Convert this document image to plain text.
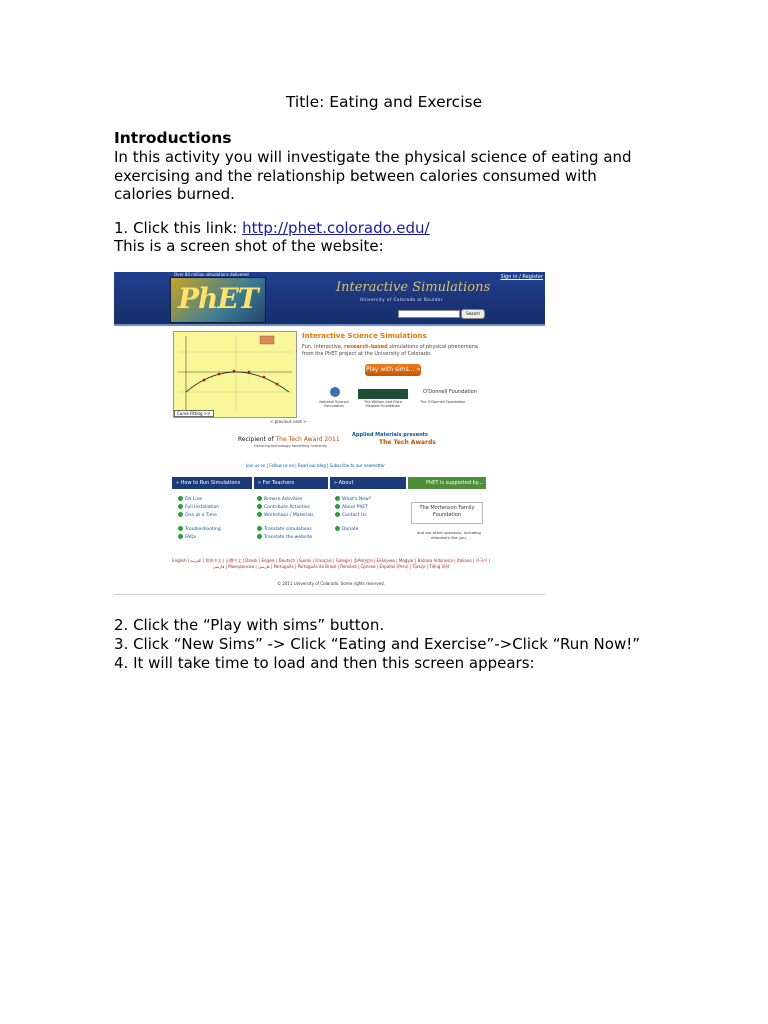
Title: Eating and Exercise
Introductions
In this activity you will investigate the physical science of eating and exercising and the relationship between calories consumed with calories burned.
1. Click this link: http://phet.colorado.edu/
This is a screen shot of the website:
2. Click the “Play with sims” button.
3. Click “New Sims” -> Click “Eating and Exercise”->Click “Run Now!”
4. It will take time to load and then this screen appears:
Over 80 million simulations delivered
PhET
Sign in / Register
Interactive Simulations
University of Colorado at Boulder
Search
Curve Fitting >>
< previous next >
Interactive Science Simulations
Fun, interactive, research-based simulations of physical phenomena from the PhET project at the University of Colorado.
Play with sims... »
National Science Foundation
The William and Flora Hewlett Foundation
O'Donnell Foundation
The O'Donnell Foundation
Recipient of The Tech Award 2011
Honoring technology benefiting humanity
Applied Materials presents
The Tech Awards
Join us on | Follow us on | Read our blog | Subscribe to our newsletter
» How to Run Simulations	» For Teachers	» About	PhET is supported by...
On Line
Full Installation
One at a Time
Troubleshooting
FAQs
Browse Activities
Contribute Activities
Workshops / Materials
Translate simulations
Translate the website
What's New?
About PhET
Contact Us
Donate
The Mortenson Family Foundation
and our other sponsors, including educators like you.
English | العربية | 简体中文 | 正體中文 | Dansk | Engels | Deutsch | Suomi | Français | Galego | ქართული | Ελληνικά | Magyar | Bahasa Indonesia | Italiano | 한국어 | فارسی | Македонски | فارسی | Português | Português do Brasil | Română | Српски | Español (Perú) | Türkçe | Tiếng Việt
© 2011 University of Colorado. Some rights reserved.
